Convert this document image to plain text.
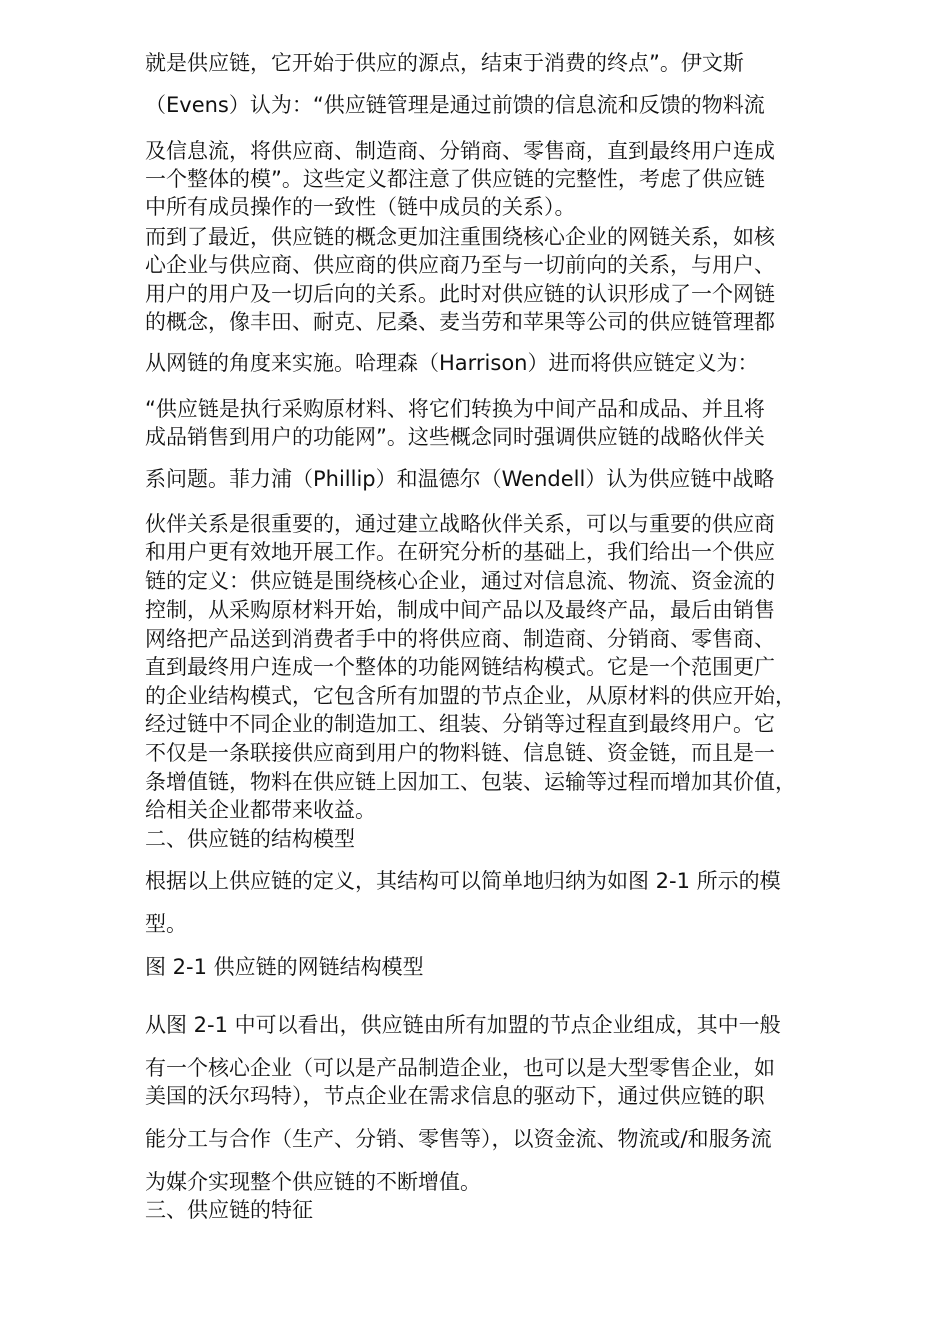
就是供应链，它开始于供应的源点，结束于消费的终点”。伊文斯
（Evens）认为：“供应链管理是通过前馈的信息流和反馈的物料流
及信息流，将供应商、制造商、分销商、零售商，直到最终用户连成
一个整体的模”。这些定义都注意了供应链的完整性，考虑了供应链
中所有成员操作的一致性（链中成员的关系）。
而到了最近，供应链的概念更加注重围绕核心企业的网链关系，如核
心企业与供应商、供应商的供应商乃至与一切前向的关系，与用户、
用户的用户及一切后向的关系。此时对供应链的认识形成了一个网链
的概念，像丰田、耐克、尼桑、麦当劳和苹果等公司的供应链管理都
从网链的角度来实施。哈理森（Harrison）进而将供应链定义为：
“供应链是执行采购原材料、将它们转换为中间产品和成品、并且将
成品销售到用户的功能网”。这些概念同时强调供应链的战略伙伴关
系问题。菲力浦（Phillip）和温德尔（Wendell）认为供应链中战略
伙伴关系是很重要的，通过建立战略伙伴关系，可以与重要的供应商
和用户更有效地开展工作。在研究分析的基础上，我们给出一个供应
链的定义：供应链是围绕核心企业，通过对信息流、物流、资金流的
控制，从采购原材料开始，制成中间产品以及最终产品，最后由销售
网络把产品送到消费者手中的将供应商、制造商、分销商、零售商、
直到最终用户连成一个整体的功能网链结构模式。它是一个范围更广
的企业结构模式，它包含所有加盟的节点企业，从原材料的供应开始，
经过链中不同企业的制造加工、组装、分销等过程直到最终用户。它
不仅是一条联接供应商到用户的物料链、信息链、资金链，而且是一
条增值链，物料在供应链上因加工、包装、运输等过程而增加其价值，
给相关企业都带来收益。
二、供应链的结构模型
根据以上供应链的定义，其结构可以简单地归纳为如图 2-1 所示的模
型。
图 2-1 供应链的网链结构模型
从图 2-1 中可以看出，供应链由所有加盟的节点企业组成，其中一般
有一个核心企业（可以是产品制造企业，也可以是大型零售企业，如
美国的沃尔玛特），节点企业在需求信息的驱动下，通过供应链的职
能分工与合作（生产、分销、零售等），以资金流、物流或/和服务流
为媒介实现整个供应链的不断增值。
三、供应链的特征
